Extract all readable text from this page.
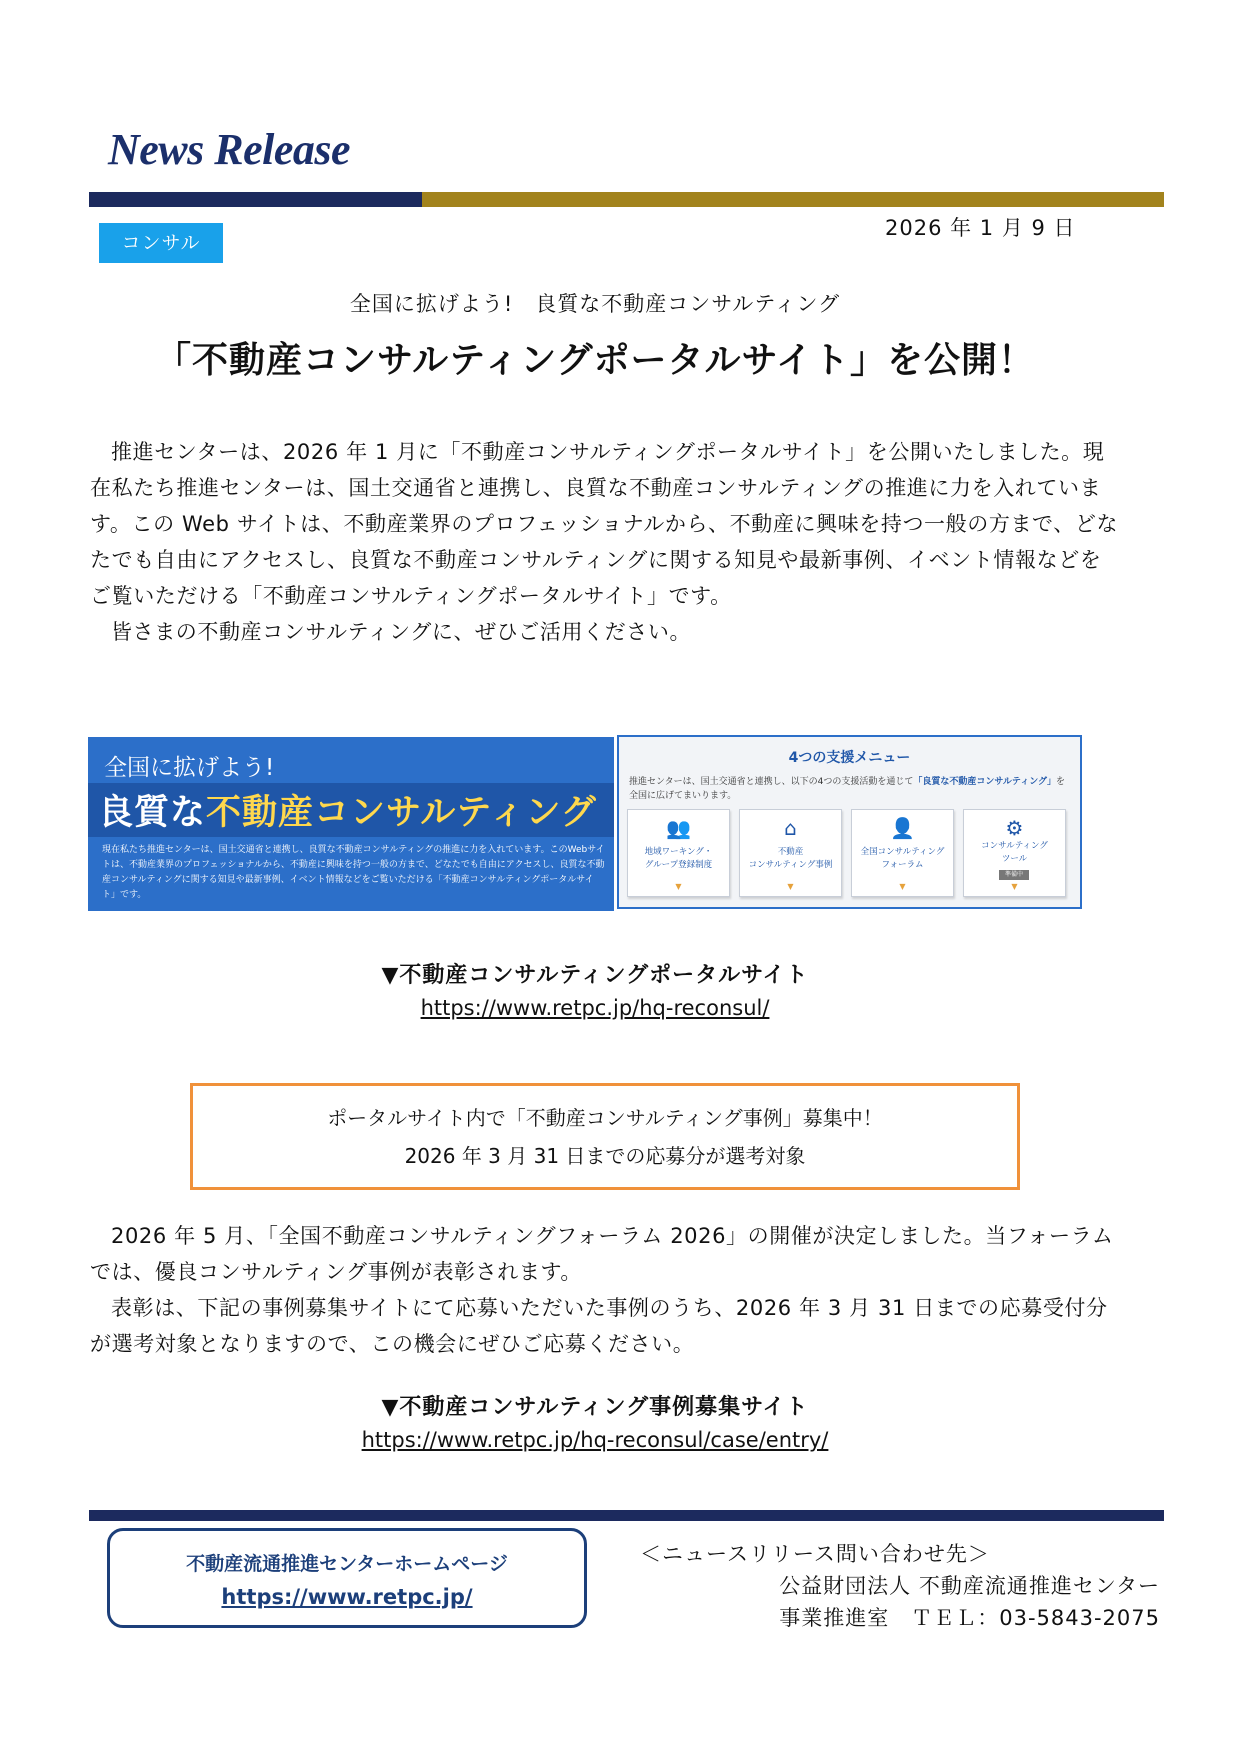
News Release
コンサル
2026 年 1 月 9 日
全国に拡げよう!　良質な不動産コンサルティング
「不動産コンサルティングポータルサイト」を公開！

推進センターは、2026 年 1 月に「不動産コンサルティングポータルサイト」を公開いたしました。現在私たち推進センターは、国土交通省と連携し、良質な不動産コンサルティングの推進に力を入れています。この Web サイトは、不動産業界のプロフェッショナルから、不動産に興味を持つ一般の方まで、どなたでも自由にアクセスし、良質な不動産コンサルティングに関する知見や最新事例、イベント情報などをご覧いただける「不動産コンサルティングポータルサイト」です。

皆さまの不動産コンサルティングに、ぜひご活用ください。

全国に拡げよう!
良質な不動産コンサルティング
現在私たち推進センターは、国土交通省と連携し、良質な不動産コンサルティングの推進に力を入れています。このWebサイトは、不動産業界のプロフェッショナルから、不動産に興味を持つ一般の方まで、どなたでも自由にアクセスし、良質な不動産コンサルティングに関する知見や最新事例、イベント情報などをご覧いただける「不動産コンサルティングポータルサイト」です。
4つの支援メニュー
推進センターは、国土交通省と連携し、以下の4つの支援活動を通じて「良質な不動産コンサルティング」を全国に広げてまいります。
👥
地域ワーキング・
グループ登録制度
▼
⌂
不動産
コンサルティング事例
▼
👤
全国コンサルティング
フォーラム
▼
⚙
コンサルティング
ツール
準備中
▼
▼不動産コンサルティングポータルサイト
https://www.retpc.jp/hq-reconsul/
ポータルサイト内で「不動産コンサルティング事例」募集中！
2026 年 3 月 31 日までの応募分が選考対象

2026 年 5 月、「全国不動産コンサルティングフォーラム 2026」の開催が決定しました。当フォーラムでは、優良コンサルティング事例が表彰されます。

表彰は、下記の事例募集サイトにて応募いただいた事例のうち、2026 年 3 月 31 日までの応募受付分が選考対象となりますので、この機会にぜひご応募ください。

▼不動産コンサルティング事例募集サイト
https://www.retpc.jp/hq-reconsul/case/entry/
不動産流通推進センターホームページ
https://www.retpc.jp/
＜ニュースリリース問い合わせ先＞
公益財団法人 不動産流通推進センター
事業推進室　ＴＥＬ：03-5843-2075
